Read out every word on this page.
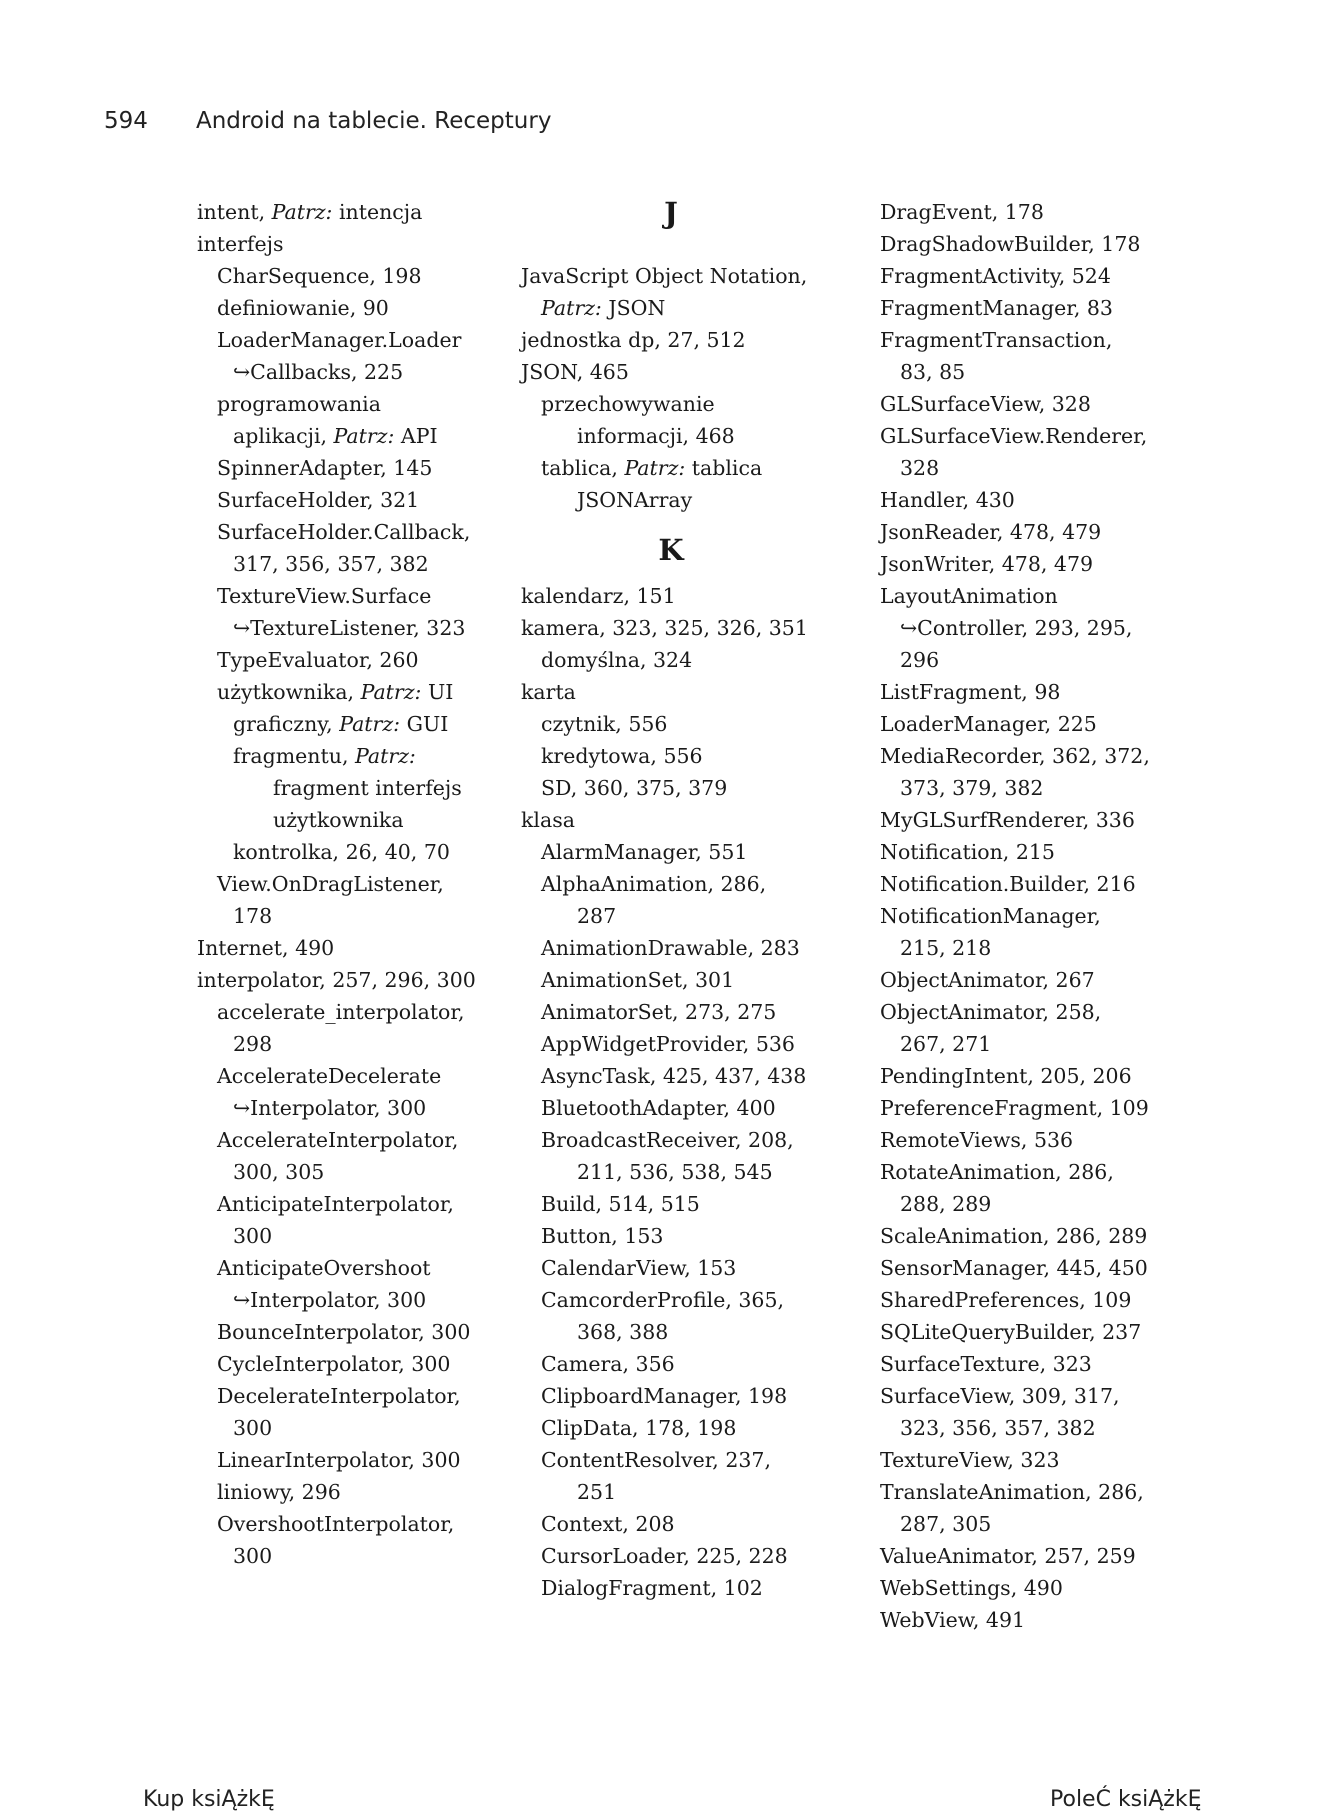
594 Android na tablecie. Receptury
intent, Patrz: intencja
interfejs
CharSequence, 198
definiowanie, 90
LoaderManager.Loader
↪Callbacks, 225
programowania
aplikacji, Patrz: API
SpinnerAdapter, 145
SurfaceHolder, 321
SurfaceHolder.Callback,
317, 356, 357, 382
TextureView.Surface
↪TextureListener, 323
TypeEvaluator, 260
użytkownika, Patrz: UI
graficzny, Patrz: GUI
fragmentu, Patrz:
fragment interfejs
użytkownika
kontrolka, 26, 40, 70
View.OnDragListener,
178
Internet, 490
interpolator, 257, 296, 300
accelerate_interpolator,
298
AccelerateDecelerate
↪Interpolator, 300
AccelerateInterpolator,
300, 305
AnticipateInterpolator,
300
AnticipateOvershoot
↪Interpolator, 300
BounceInterpolator, 300
CycleInterpolator, 300
DecelerateInterpolator,
300
LinearInterpolator, 300
liniowy, 296
OvershootInterpolator,
300
J
JavaScript Object Notation,
Patrz: JSON
jednostka dp, 27, 512
JSON, 465
przechowywanie
informacji, 468
tablica, Patrz: tablica
JSONArray
K
kalendarz, 151
kamera, 323, 325, 326, 351
domyślna, 324
karta
czytnik, 556
kredytowa, 556
SD, 360, 375, 379
klasa
AlarmManager, 551
AlphaAnimation, 286,
287
AnimationDrawable, 283
AnimationSet, 301
AnimatorSet, 273, 275
AppWidgetProvider, 536
AsyncTask, 425, 437, 438
BluetoothAdapter, 400
BroadcastReceiver, 208,
211, 536, 538, 545
Build, 514, 515
Button, 153
CalendarView, 153
CamcorderProfile, 365,
368, 388
Camera, 356
ClipboardManager, 198
ClipData, 178, 198
ContentResolver, 237,
251
Context, 208
CursorLoader, 225, 228
DialogFragment, 102
DragEvent, 178
DragShadowBuilder, 178
FragmentActivity, 524
FragmentManager, 83
FragmentTransaction,
83, 85
GLSurfaceView, 328
GLSurfaceView.Renderer,
328
Handler, 430
JsonReader, 478, 479
JsonWriter, 478, 479
LayoutAnimation
↪Controller, 293, 295,
296
ListFragment, 98
LoaderManager, 225
MediaRecorder, 362, 372,
373, 379, 382
MyGLSurfRenderer, 336
Notification, 215
Notification.Builder, 216
NotificationManager,
215, 218
ObjectAnimator, 267
ObjectAnimator, 258,
267, 271
PendingIntent, 205, 206
PreferenceFragment, 109
RemoteViews, 536
RotateAnimation, 286,
288, 289
ScaleAnimation, 286, 289
SensorManager, 445, 450
SharedPreferences, 109
SQLiteQueryBuilder, 237
SurfaceTexture, 323
SurfaceView, 309, 317,
323, 356, 357, 382
TextureView, 323
TranslateAnimation, 286,
287, 305
ValueAnimator, 257, 259
WebSettings, 490
WebView, 491
Kup ksiĄżkĘ	PoleĆ ksiĄżkĘ
